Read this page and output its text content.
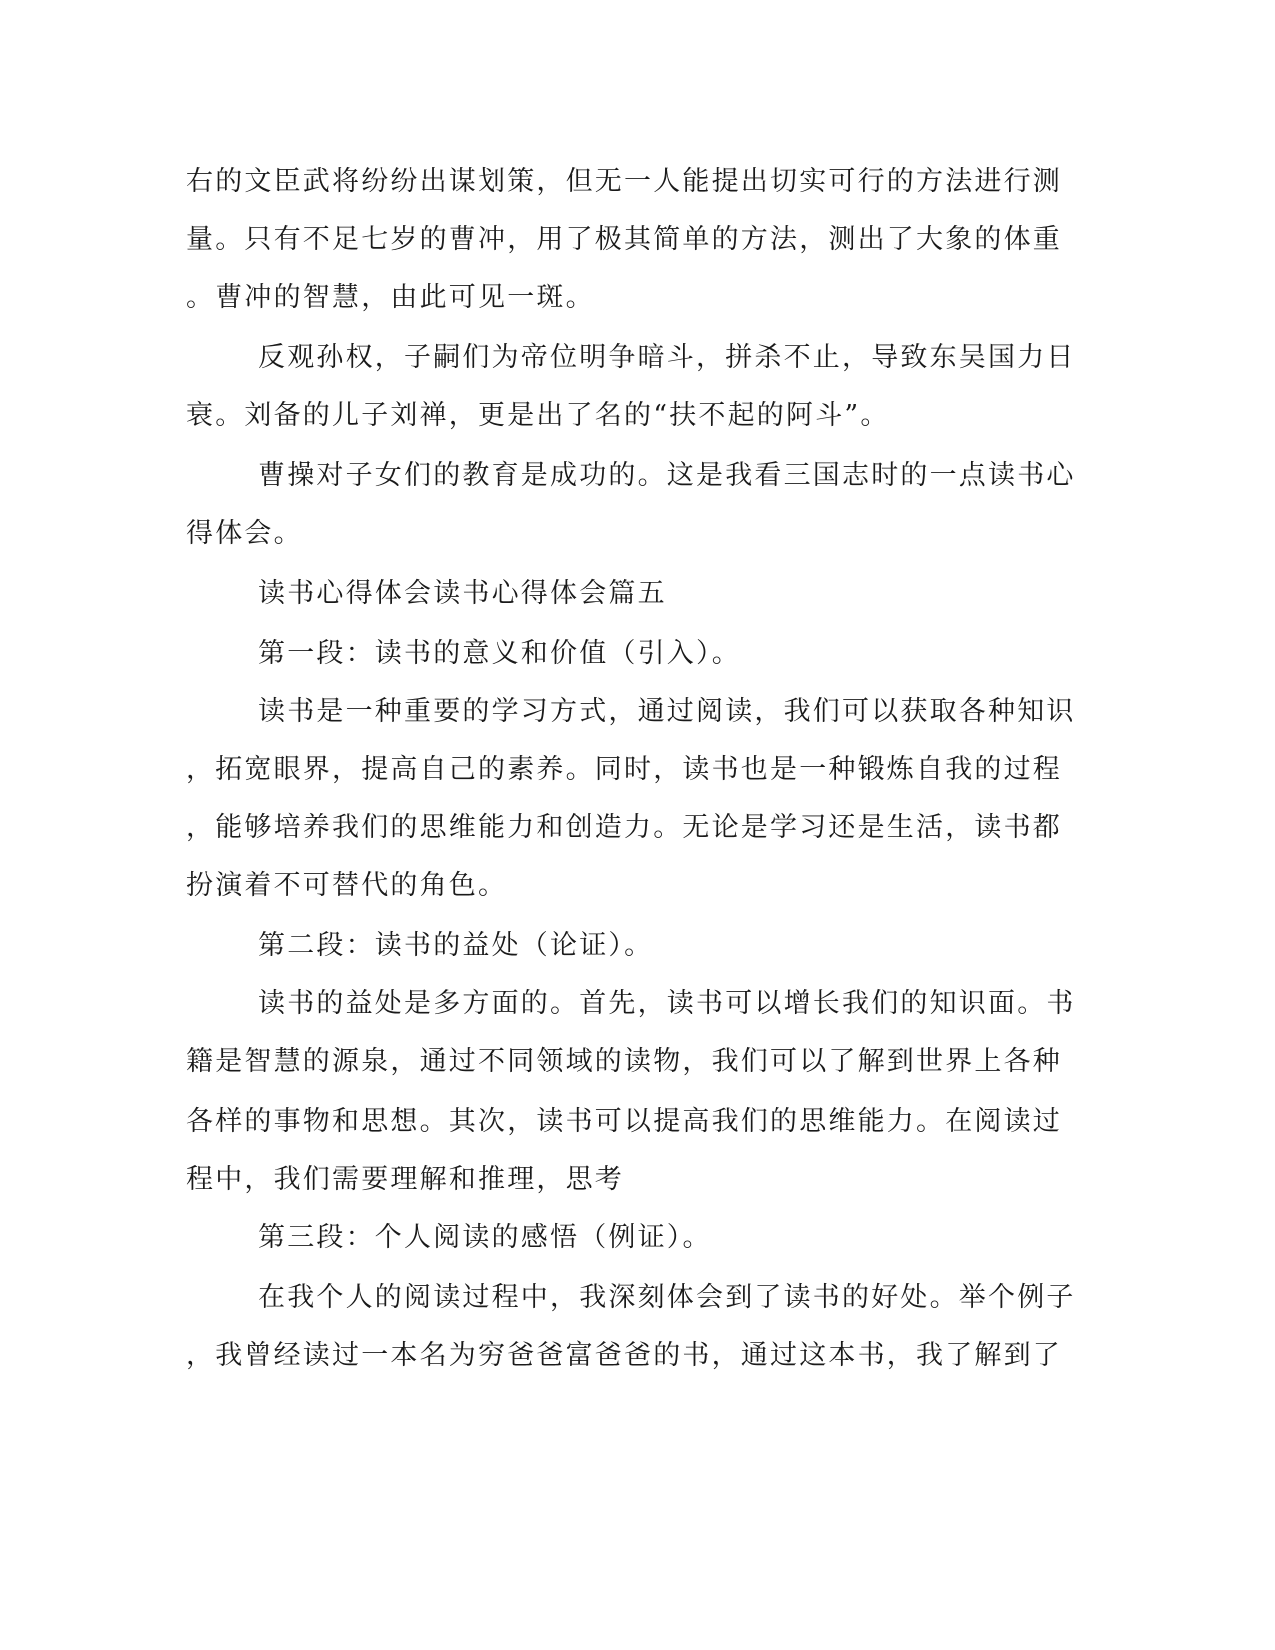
右的文臣武将纷纷出谋划策，但无一人能提出切实可行的方法进行测
量。只有不足七岁的曹冲，用了极其简单的方法，测出了大象的体重
。曹冲的智慧，由此可见一斑。
反观孙权，子嗣们为帝位明争暗斗，拼杀不止，导致东吴国力日
衰。刘备的儿子刘禅，更是出了名的“扶不起的阿斗”。
曹操对子女们的教育是成功的。这是我看三国志时的一点读书心
得体会。
读书心得体会读书心得体会篇五
第一段：读书的意义和价值（引入）。
读书是一种重要的学习方式，通过阅读，我们可以获取各种知识
，拓宽眼界，提高自己的素养。同时，读书也是一种锻炼自我的过程
，能够培养我们的思维能力和创造力。无论是学习还是生活，读书都
扮演着不可替代的角色。
第二段：读书的益处（论证）。
读书的益处是多方面的。首先，读书可以增长我们的知识面。书
籍是智慧的源泉，通过不同领域的读物，我们可以了解到世界上各种
各样的事物和思想。其次，读书可以提高我们的思维能力。在阅读过
程中，我们需要理解和推理，思考
第三段：个人阅读的感悟（例证）。
在我个人的阅读过程中，我深刻体会到了读书的好处。举个例子
，我曾经读过一本名为穷爸爸富爸爸的书，通过这本书，我了解到了
